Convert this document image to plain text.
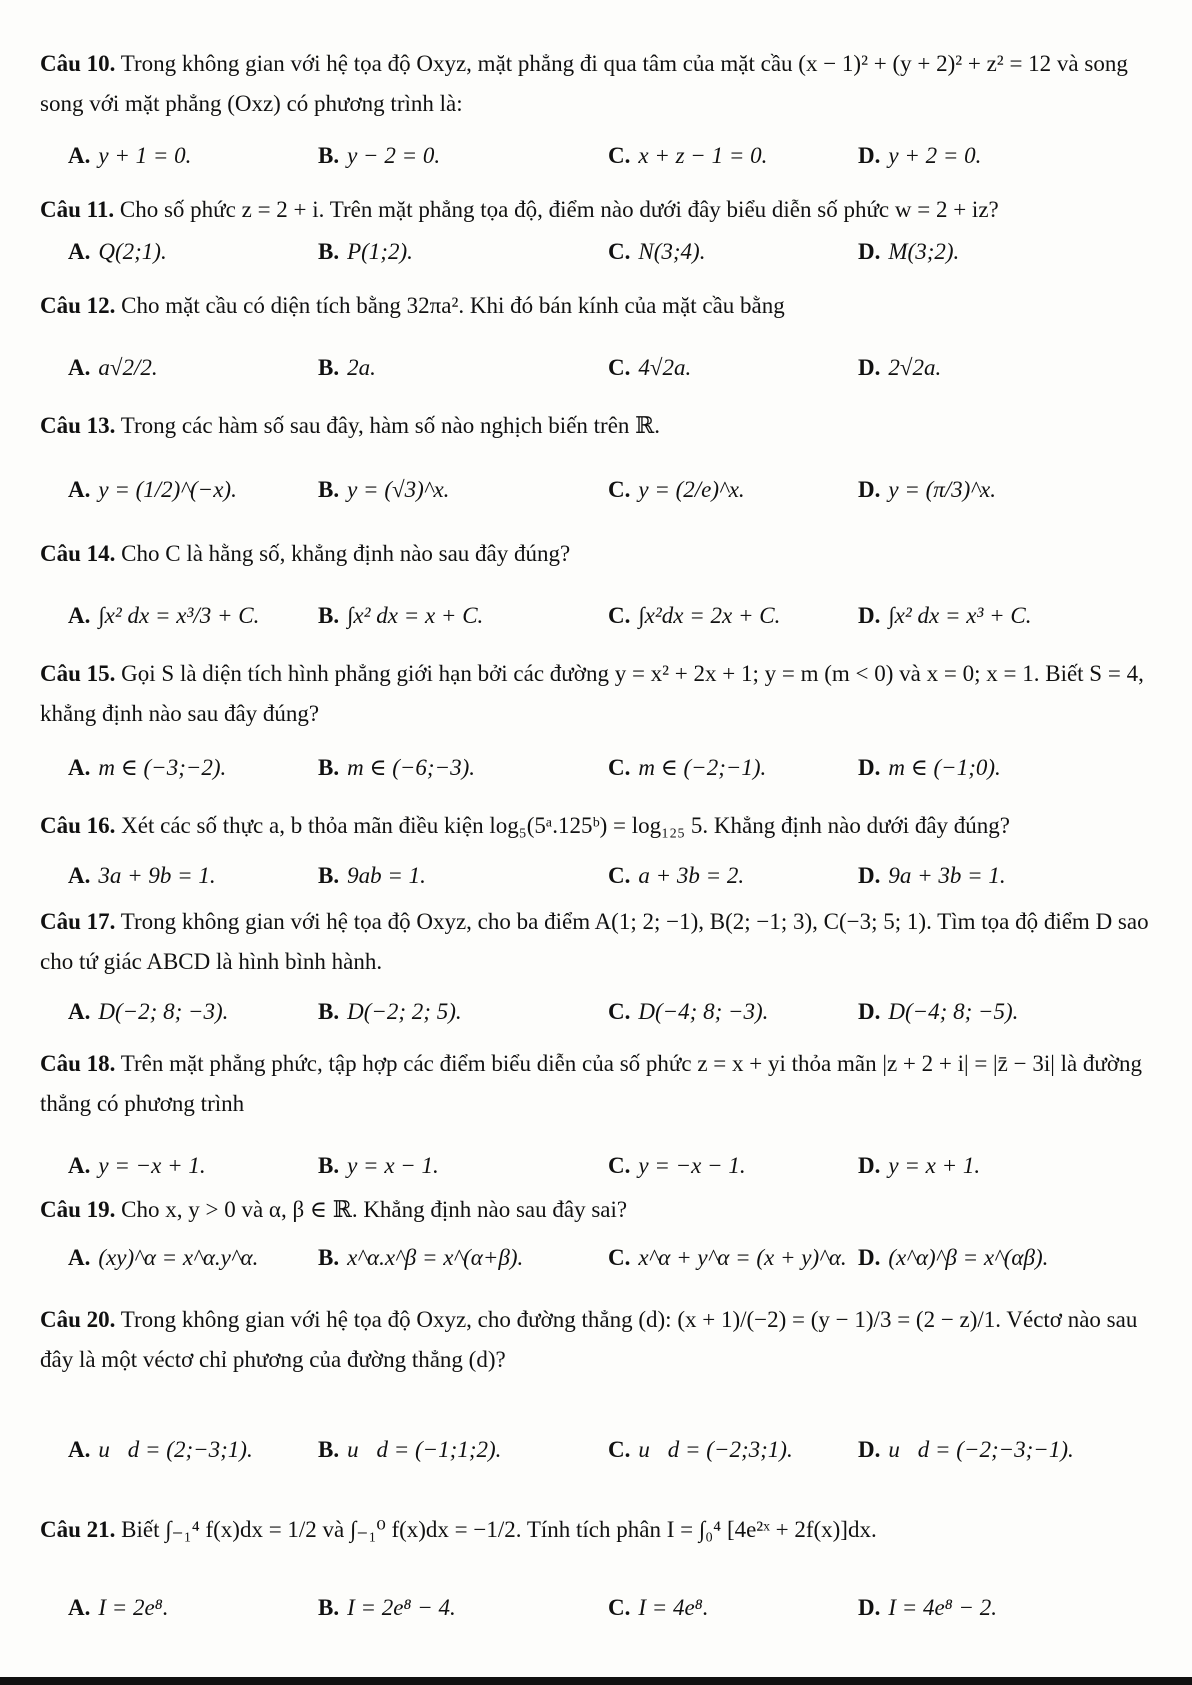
Câu 10. Trong không gian với hệ tọa độ Oxyz, mặt phẳng đi qua tâm của mặt cầu (x − 1)² + (y + 2)² + z² = 12 và song song với mặt phẳng (Oxz) có phương trình là:
A. y + 1 = 0.	B. y − 2 = 0.	C. x + z − 1 = 0.	D. y + 2 = 0.
Câu 11. Cho số phức z = 2 + i. Trên mặt phẳng tọa độ, điểm nào dưới đây biểu diễn số phức w = 2 + iz?
A. Q(2;1).	B. P(1;2).	C. N(3;4).	D. M(3;2).
Câu 12. Cho mặt cầu có diện tích bằng 32πa². Khi đó bán kính của mặt cầu bằng
A. a√2/2.	B. 2a.	C. 4√2a.	D. 2√2a.
Câu 13. Trong các hàm số sau đây, hàm số nào nghịch biến trên ℝ.
A. y = (1/2)^(−x).	B. y = (√3)^x.	C. y = (2/e)^x.	D. y = (π/3)^x.
Câu 14. Cho C là hằng số, khẳng định nào sau đây đúng?
A. ∫x² dx = x³/3 + C.	B. ∫x² dx = x + C.	C. ∫x²dx = 2x + C.	D. ∫x² dx = x³ + C.
Câu 15. Gọi S là diện tích hình phẳng giới hạn bởi các đường y = x² + 2x + 1; y = m (m < 0) và x = 0; x = 1. Biết S = 4, khẳng định nào sau đây đúng?
A. m ∈ (−3;−2).	B. m ∈ (−6;−3).	C. m ∈ (−2;−1).	D. m ∈ (−1;0).
Câu 16. Xét các số thực a, b thỏa mãn điều kiện log₅(5ᵃ.125ᵇ) = log₁₂₅ 5. Khẳng định nào dưới đây đúng?
A. 3a + 9b = 1.	B. 9ab = 1.	C. a + 3b = 2.	D. 9a + 3b = 1.
Câu 17. Trong không gian với hệ tọa độ Oxyz, cho ba điểm A(1; 2; −1), B(2; −1; 3), C(−3; 5; 1). Tìm tọa độ điểm D sao cho tứ giác ABCD là hình bình hành.
A. D(−2; 8; −3).	B. D(−2; 2; 5).	C. D(−4; 8; −3).	D. D(−4; 8; −5).
Câu 18. Trên mặt phẳng phức, tập hợp các điểm biểu diễn của số phức z = x + yi thỏa mãn |z + 2 + i| = |z̄ − 3i| là đường thẳng có phương trình
A. y = −x + 1.	B. y = x − 1.	C. y = −x − 1.	D. y = x + 1.
Câu 19. Cho x, y > 0 và α, β ∈ ℝ. Khẳng định nào sau đây sai?
A. (xy)^α = x^α.y^α.	B. x^α.x^β = x^(α+β).	C. x^α + y^α = (x + y)^α. D. (x^α)^β = x^(αβ).
Câu 20. Trong không gian với hệ tọa độ Oxyz, cho đường thẳng (d): (x + 1)/(−2) = (y − 1)/3 = (2 − z)/1. Véctơ nào sau đây là một véctơ chỉ phương của đường thẳng (d)?
A. u⃗d = (2;−3;1).	B. u⃗d = (−1;1;2).	C. u⃗d = (−2;3;1).	D. u⃗d = (−2;−3;−1).
Câu 21. Biết ∫₋₁⁴ f(x)dx = 1/2 và ∫₋₁⁰ f(x)dx = −1/2. Tính tích phân I = ∫₀⁴ [4e²ˣ + 2f(x)]dx.
A. I = 2e⁸.	B. I = 2e⁸ − 4.	C. I = 4e⁸.	D. I = 4e⁸ − 2.
